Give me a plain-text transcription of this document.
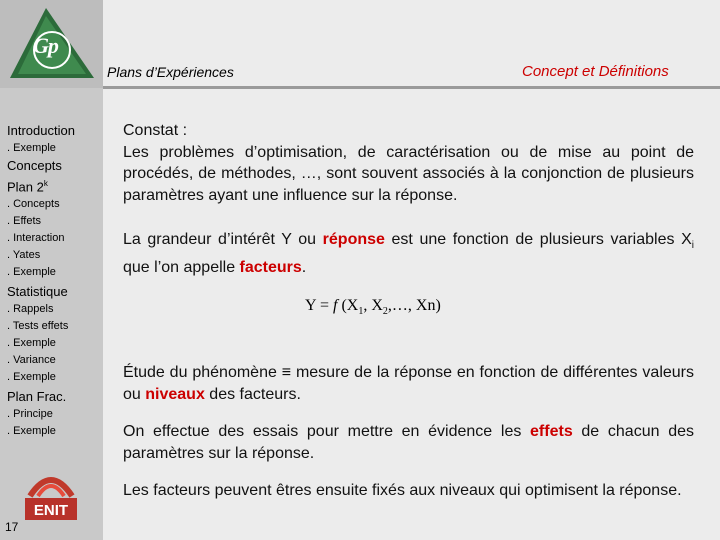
Gp
Introduction
. Exemple
Concepts
Plan 2$^k$
. Concepts
. Effets
. Interaction
. Yates
. Exemple
Statistique
. Rappels
. Tests effets
. Exemple
. Variance
. Exemple
Plan Frac.
. Principe
. Exemple
ENIT
17
Plans d’Expériences	Concept et Définitions

Constat :

Les problèmes d’optimisation, de caractérisation ou de mise au point de procédés, de méthodes, …, sont souvent associés à la conjonction de plusieurs paramètres ayant une influence sur la réponse.

La grandeur d’intérêt Y ou réponse est une fonction de plusieurs variables $X_i$ que l’on appelle facteurs.
Y = f ($X_1$, $X_2,\dots$, Xn)

Étude du phénomène ≡ mesure de la réponse en fonction de différentes valeurs ou niveaux des facteurs.

On effectue des essais pour mettre en évidence les effets de chacun des paramètres sur la réponse.

Les facteurs peuvent êtres ensuite fixés aux niveaux qui optimisent la réponse.
